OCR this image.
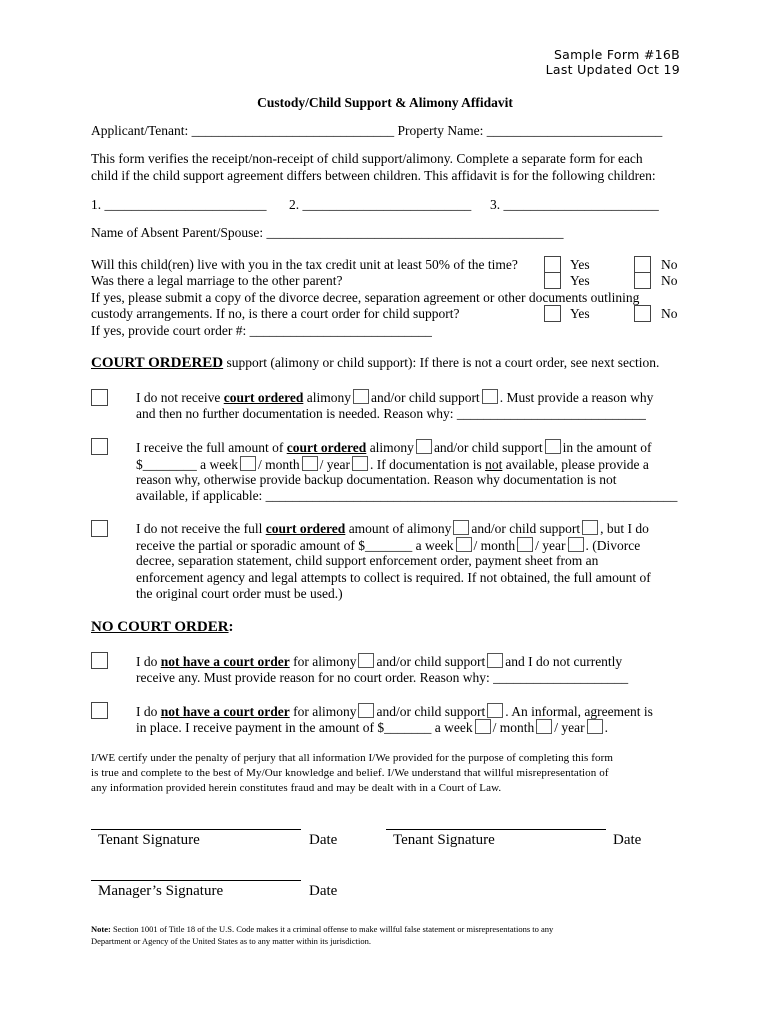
Sample Form #16B
Last Updated Oct 19
Custody/Child Support & Alimony Affidavit
Applicant/Tenant: ______________________________ Property Name: __________________________
This form verifies the receipt/non-receipt of child support/alimony. Complete a separate form for each
child if the child support agreement differs between children. This affidavit is for the following children:
1. ________________________ 2. _________________________ 3. _______________________
Name of Absent Parent/Spouse: ____________________________________________
Will this child(ren) live with you in the tax credit unit at least 50% of the time?	Yes	No
Was there a legal marriage to the other parent?	Yes	No
If yes, please submit a copy of the divorce decree, separation agreement or other documents outlining
custody arrangements. If no, is there a court order for child support?	Yes	No
If yes, provide court order #: ___________________________
COURT ORDERED support (alimony or child support): If there is not a court order, see next section.
I do not receive court ordered alimony and/or child support . Must provide a reason why
and then no further documentation is needed. Reason why: ____________________________
I receive the full amount of court ordered alimony and/or child support in the amount of
$________ a week / month / year . If documentation is not available, please provide a
reason why, otherwise provide backup documentation. Reason why documentation is not
available, if applicable: _____________________________________________________________
I do not receive the full court ordered amount of alimony and/or child support , but I do
receive the partial or sporadic amount of $_______ a week / month / year . (Divorce
decree, separation statement, child support enforcement order, payment sheet from an
enforcement agency and legal attempts to collect is required. If not obtained, the full amount of
the original court order must be used.)
NO COURT ORDER:
I do not have a court order for alimony and/or child support and I do not currently
receive any. Must provide reason for no court order. Reason why: ____________________
I do not have a court order for alimony and/or child support . An informal, agreement is
in place. I receive payment in the amount of $_______ a week / month / year .
I/WE certify under the penalty of perjury that all information I/We provided for the purpose of completing this form
is true and complete to the best of My/Our knowledge and belief. I/We understand that willful misrepresentation of
any information provided herein constitutes fraud and may be dealt with in a Court of Law.
Tenant Signature	Date	Tenant Signature	Date
Manager’s Signature	Date
Note: Section 1001 of Title 18 of the U.S. Code makes it a criminal offense to make willful false statement or misrepresentations to any
Department or Agency of the United States as to any matter within its jurisdiction.
